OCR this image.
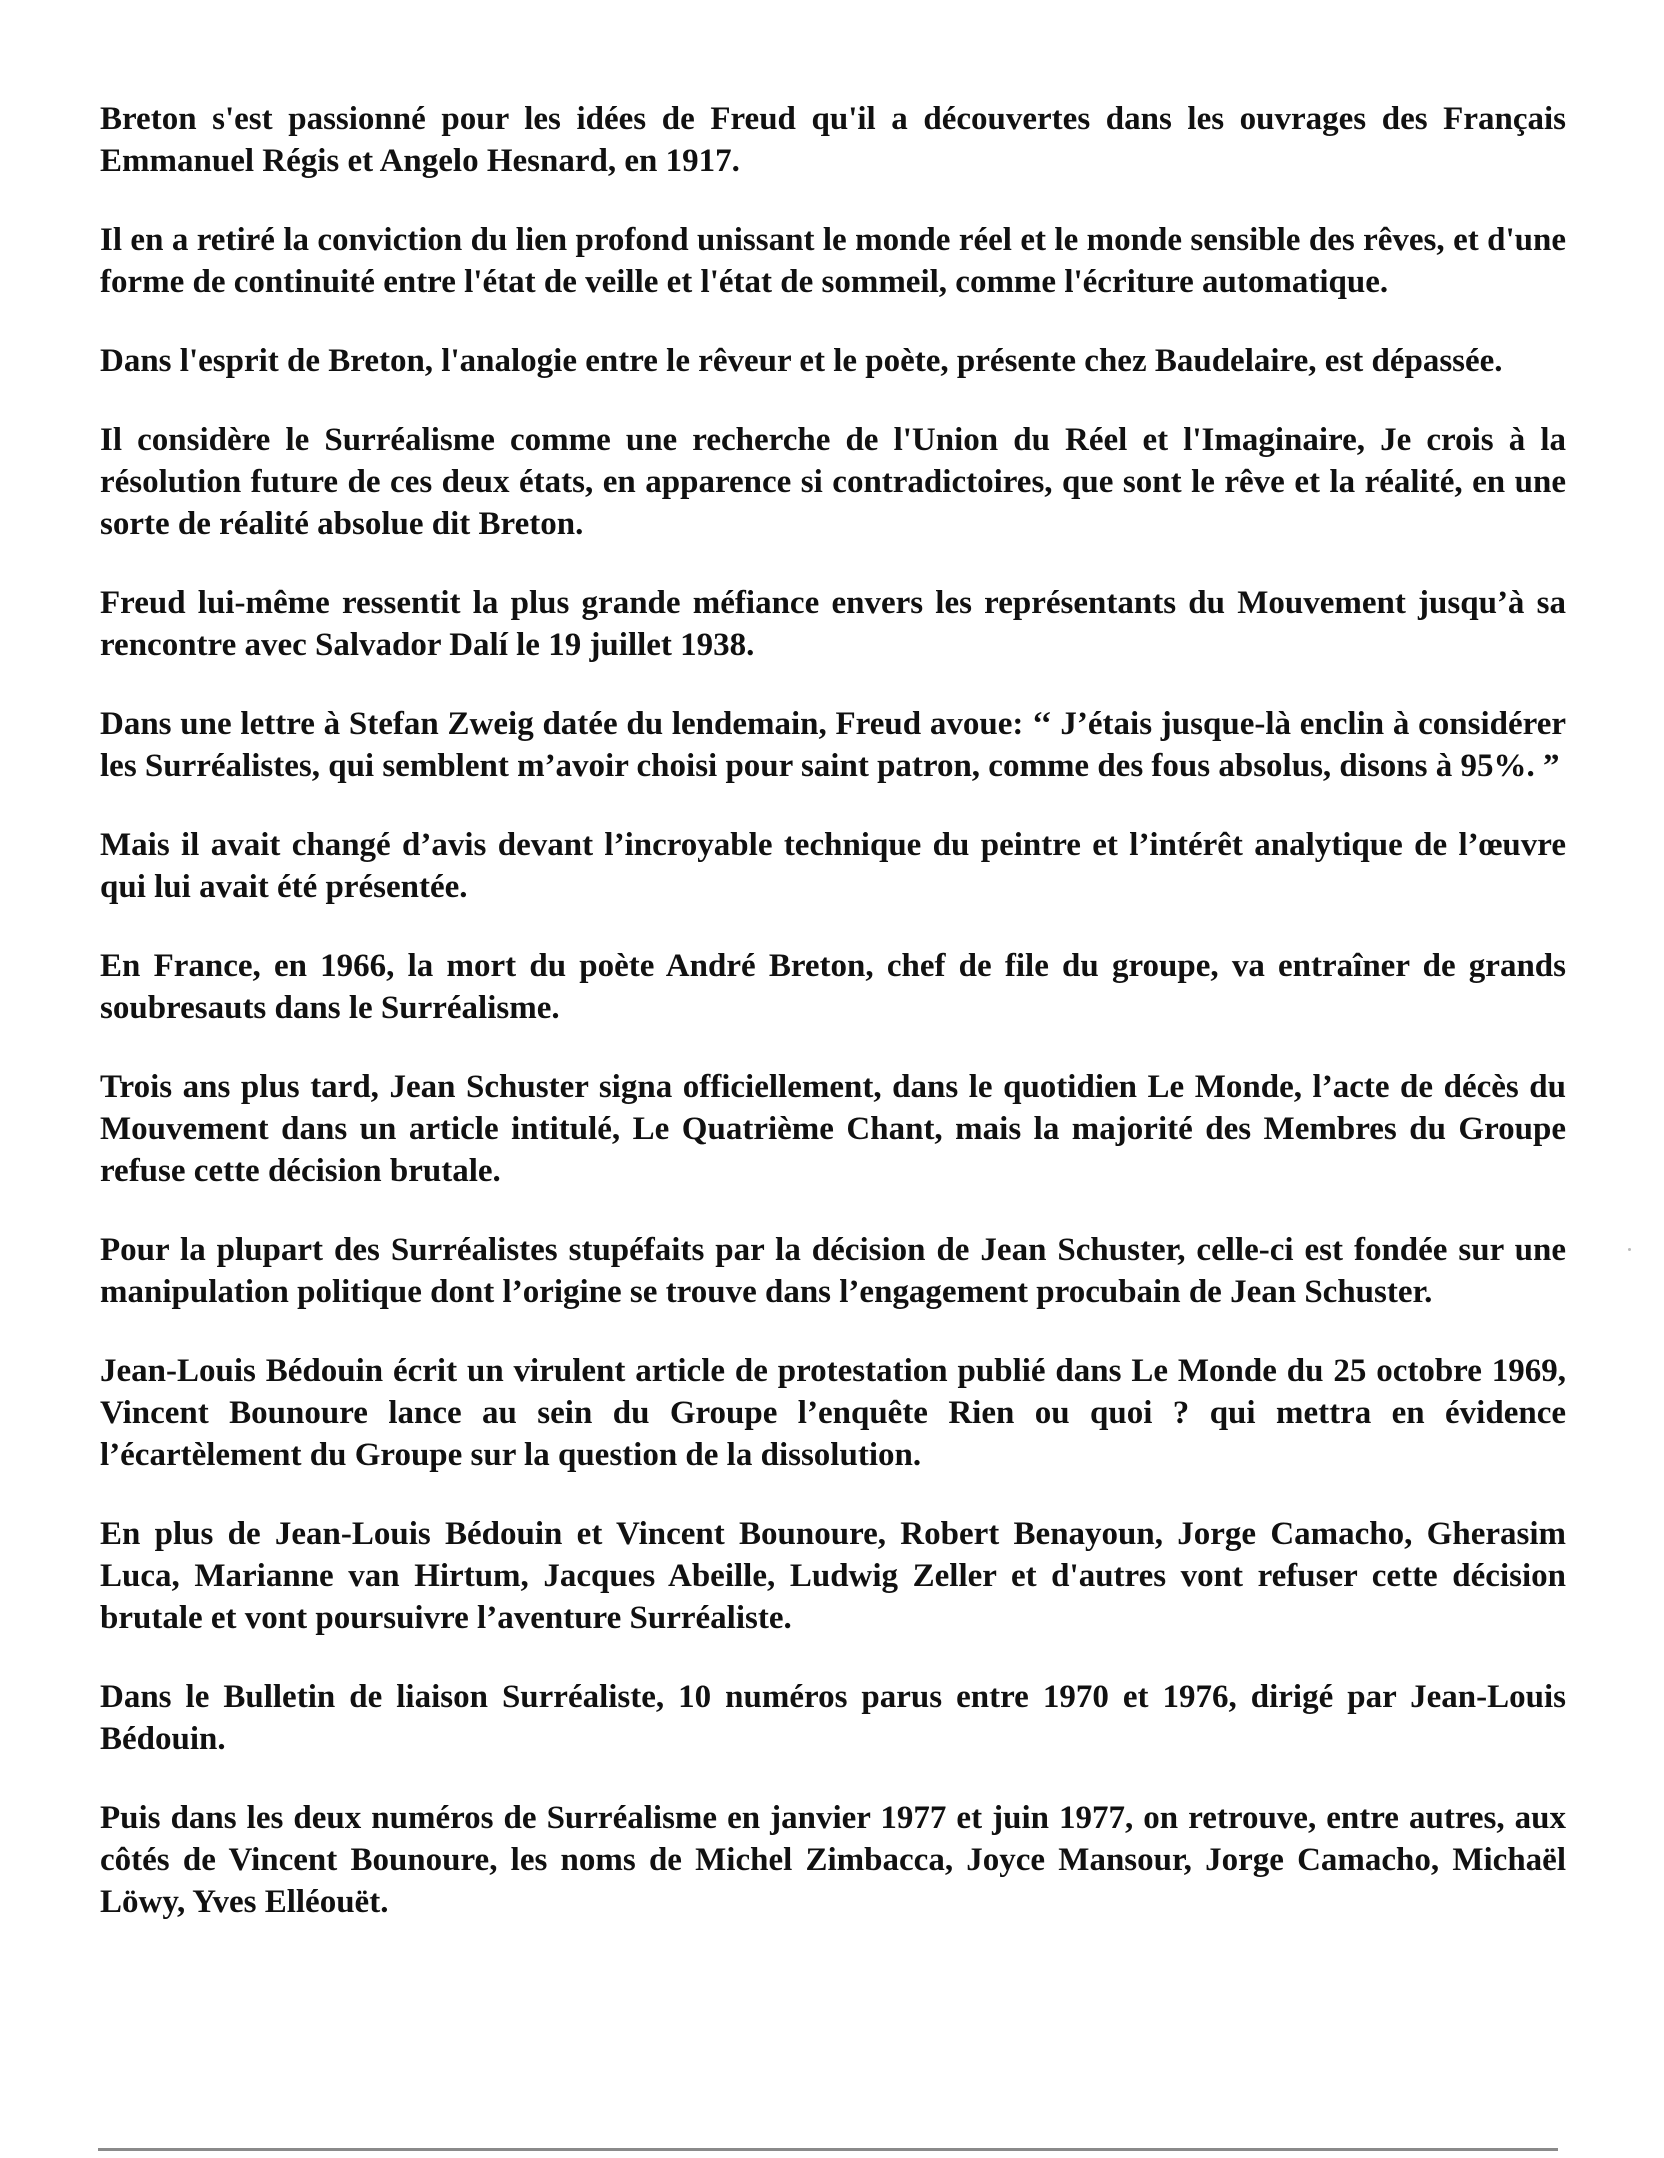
Breton s'est passionné pour les idées de Freud qu'il a découvertes dans les ouvrages des Français Emmanuel Régis et Angelo Hesnard, en 1917.

Il en a retiré la conviction du lien profond unissant le monde réel et le monde sensible des rêves, et d'une forme de continuité entre l'état de veille et l'état de sommeil, comme l'écriture automatique.

Dans l'esprit de Breton, l'analogie entre le rêveur et le poète, présente chez Baudelaire, est dépassée.

Il considère le Surréalisme comme une recherche de l'Union du Réel et l'Imaginaire, Je crois à la résolution future de ces deux états, en apparence si contradictoires, que sont le rêve et la réalité, en une sorte de réalité absolue dit Breton.

Freud lui-même ressentit la plus grande méfiance envers les représentants du Mouvement jusqu’à sa rencontre avec Salvador Dalí le 19 juillet 1938.

Dans une lettre à Stefan Zweig datée du lendemain, Freud avoue: ‘‘ J’étais jusque-là enclin à considérer les Surréalistes, qui semblent m’avoir choisi pour saint patron, comme des fous absolus, disons à 95%. ”

Mais il avait changé d’avis devant l’incroyable technique du peintre et l’intérêt analytique de l’œuvre qui lui avait été présentée.

En France, en 1966, la mort du poète André Breton, chef de file du groupe, va entraîner de grands soubresauts dans le Surréalisme.

Trois ans plus tard, Jean Schuster signa officiellement, dans le quotidien Le Monde, l’acte de décès du Mouvement dans un article intitulé, Le Quatrième Chant, mais la majorité des Membres du Groupe refuse cette décision brutale.

Pour la plupart des Surréalistes stupéfaits par la décision de Jean Schuster, celle-ci est fondée sur une manipulation politique dont l’origine se trouve dans l’engagement procubain de Jean Schuster.

Jean-Louis Bédouin écrit un virulent article de protestation publié dans Le Monde du 25 octobre 1969, Vincent Bounoure lance au sein du Groupe l’enquête Rien ou quoi ? qui mettra en évidence l’écartèlement du Groupe sur la question de la dissolution.

En plus de Jean-Louis Bédouin et Vincent Bounoure, Robert Benayoun, Jorge Camacho, Gherasim Luca, Marianne van Hirtum, Jacques Abeille, Ludwig Zeller et d'autres vont refuser cette décision brutale et vont poursuivre l’aventure Surréaliste.

Dans le Bulletin de liaison Surréaliste, 10 numéros parus entre 1970 et 1976, dirigé par Jean-Louis Bédouin.

Puis dans les deux numéros de Surréalisme en janvier 1977 et juin 1977, on retrouve, entre autres, aux côtés de Vincent Bounoure, les noms de Michel Zimbacca, Joyce Mansour, Jorge Camacho, Michaël Löwy, Yves Elléouët.
